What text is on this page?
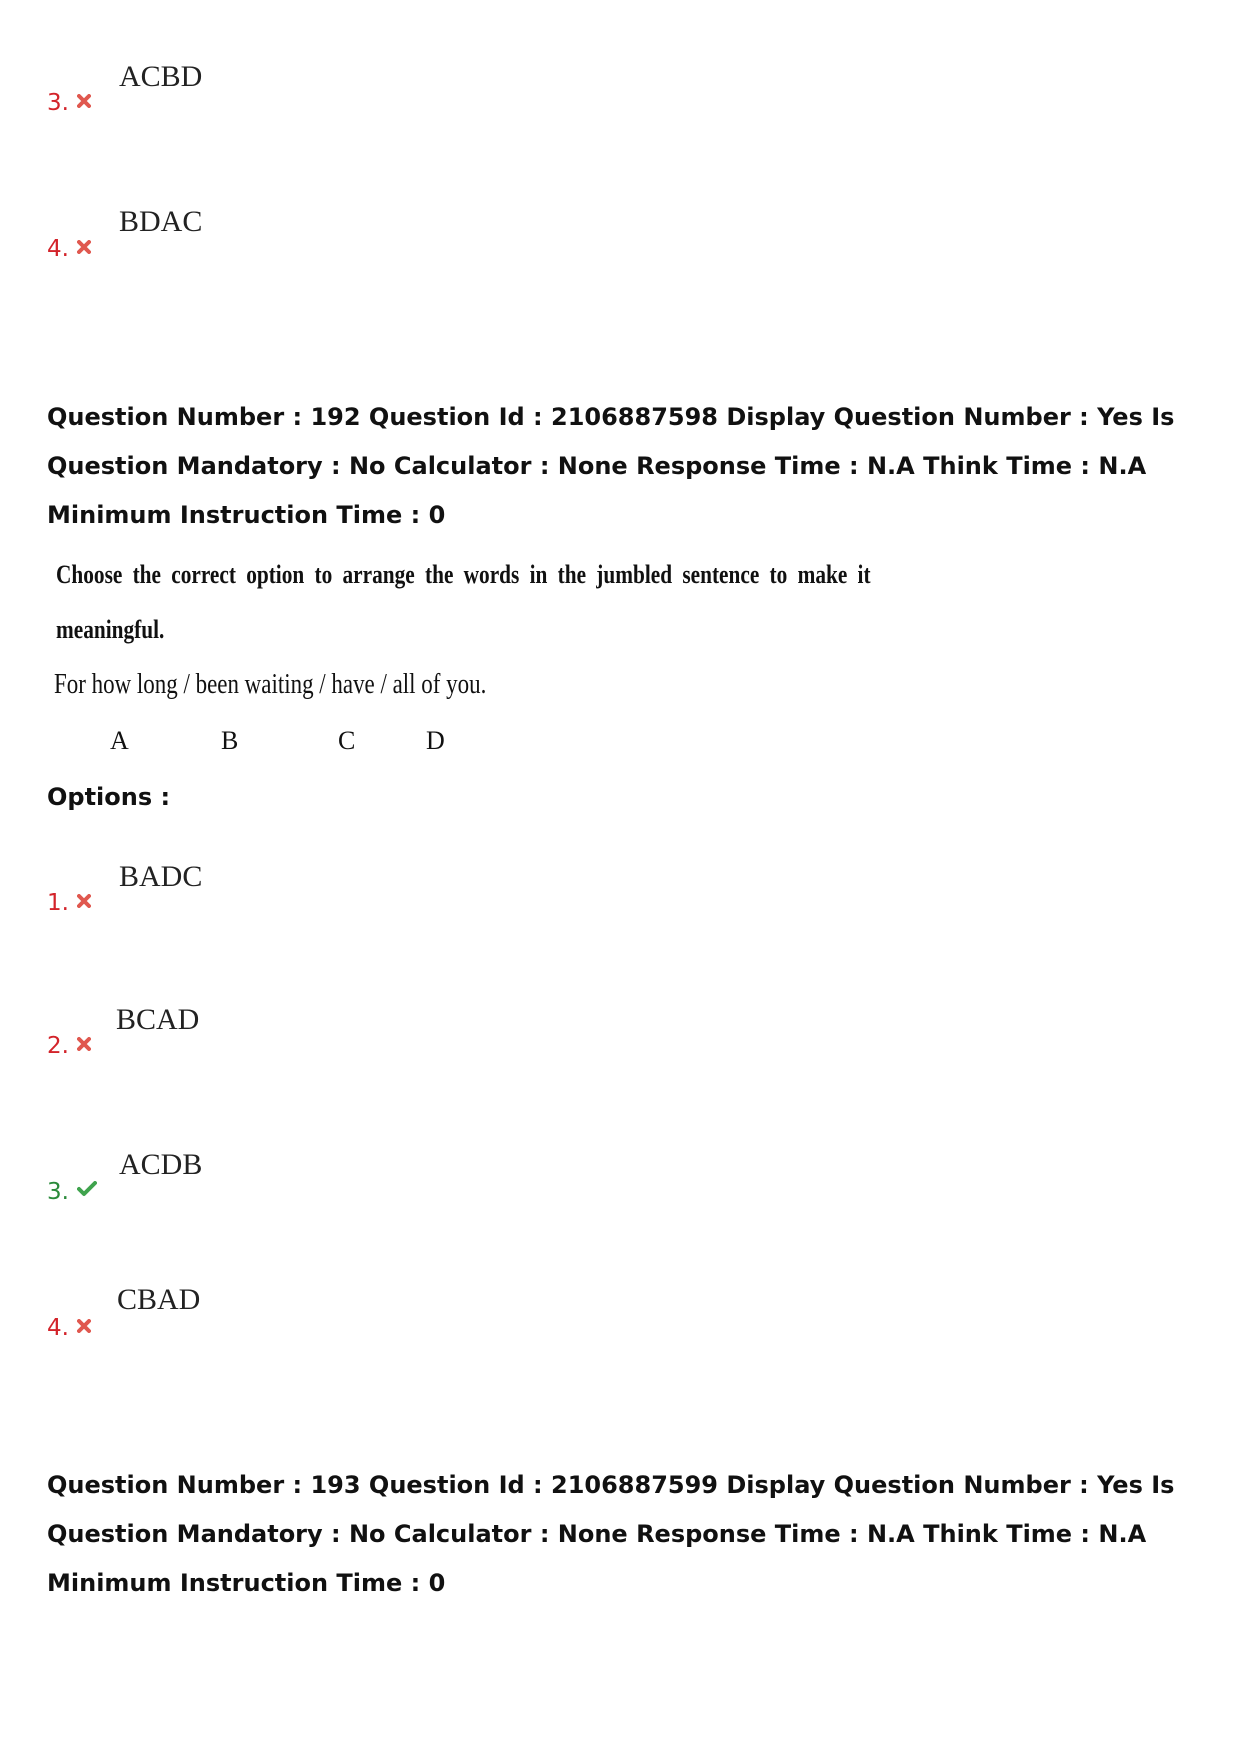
3.
ACBD
4.
BDAC
Question Number : 192 Question Id : 2106887598 Display Question Number : Yes Is Question Mandatory : No Calculator : None Response Time : N.A Think Time : N.A Minimum Instruction Time : 0
Choose the correct option to arrange the words in the jumbled sentence to make it
meaningful.
For how long / been waiting / have / all of you.
A	B	C	D
Options :
1.
BADC
2.
BCAD
3.
ACDB
4.
CBAD
Question Number : 193 Question Id : 2106887599 Display Question Number : Yes Is Question Mandatory : No Calculator : None Response Time : N.A Think Time : N.A Minimum Instruction Time : 0
